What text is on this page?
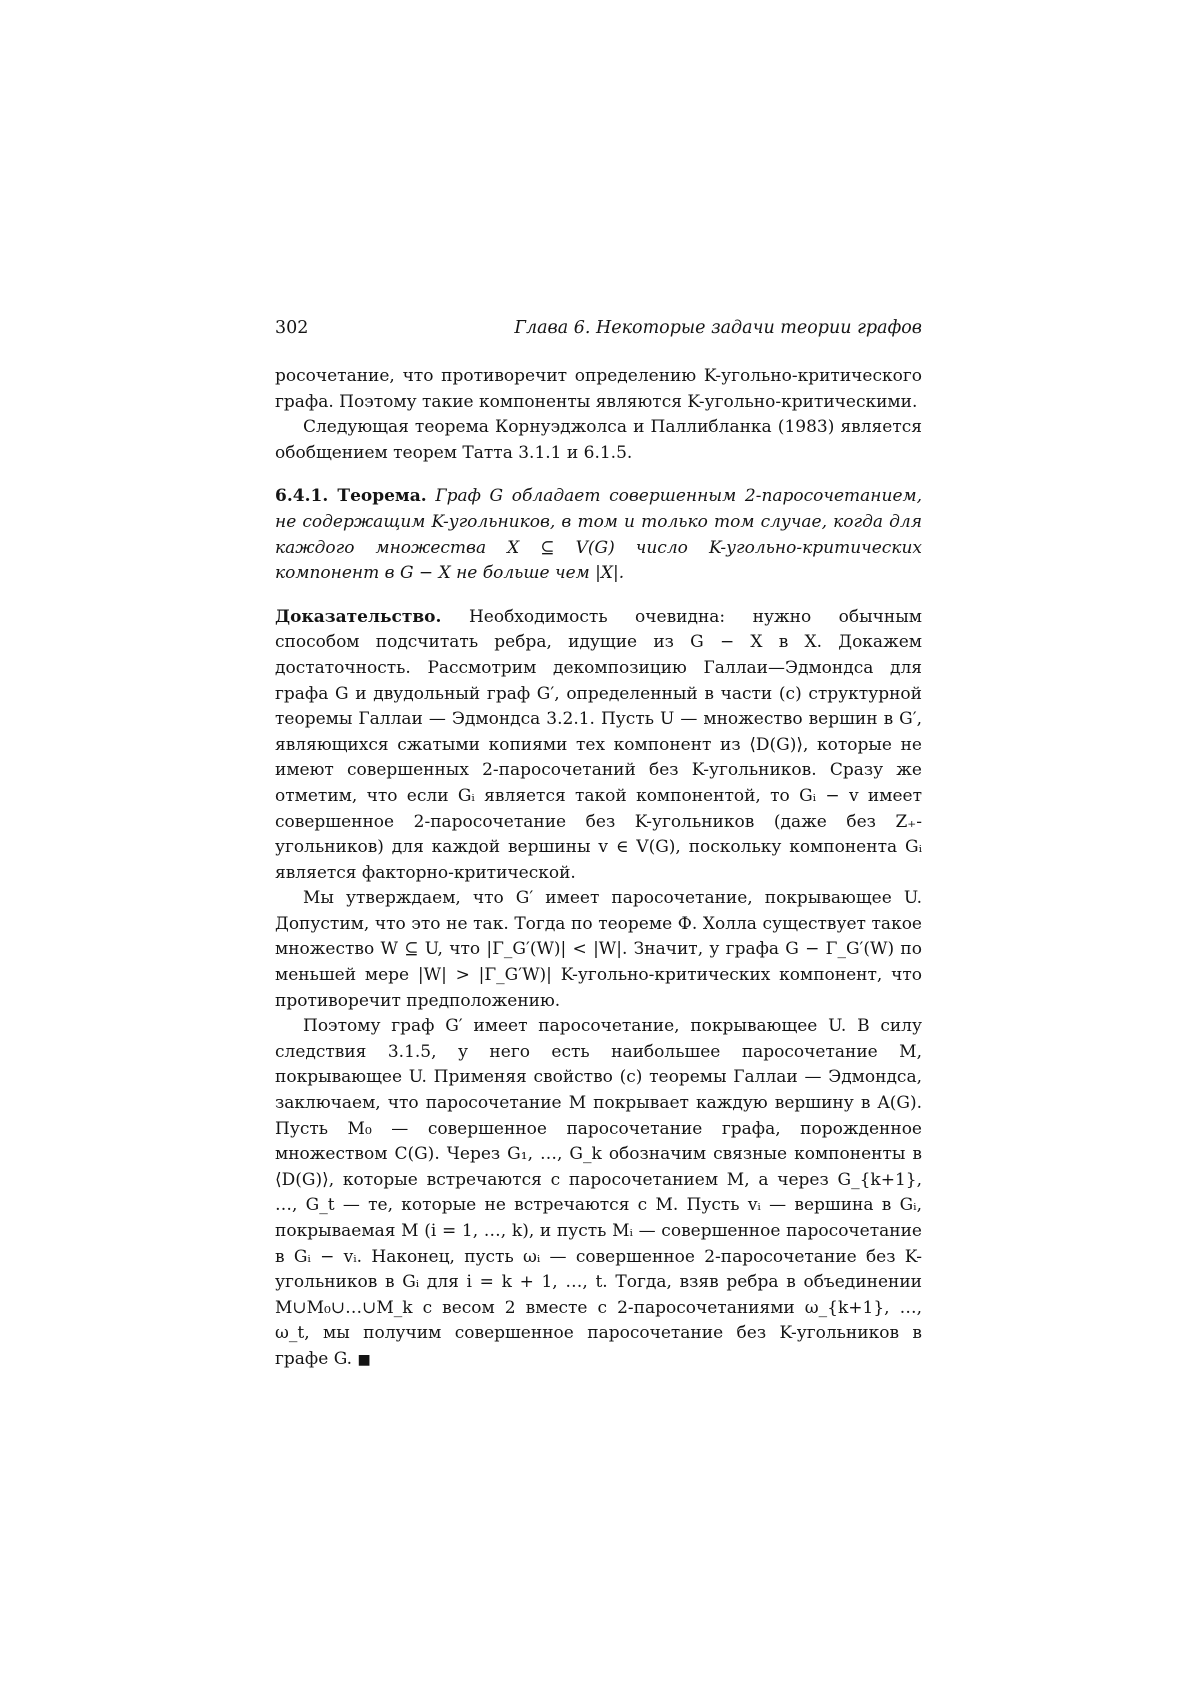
302	Глава 6. Некоторые задачи теории графов

росочетание, что противоречит определению K-угольно-критического графа. Поэтому такие компоненты являются K-угольно-критическими.

Следующая теорема Корнуэджолса и Паллибланка (1983) является обобщением теорем Татта 3.1.1 и 6.1.5.

6.4.1. Теорема. Граф G обладает совершенным 2-паросочетанием, не содержащим K-угольников, в том и только том случае, когда для каждого множества X ⊆ V(G) число K-угольно-критических компонент в G − X не больше чем |X|.

Доказательство. Необходимость очевидна: нужно обычным способом подсчитать ребра, идущие из G − X в X. Докажем достаточность. Рассмотрим декомпозицию Галлаи—Эдмондса для графа G и двудольный граф G′, определенный в части (с) структурной теоремы Галлаи — Эдмондса 3.2.1. Пусть U — множество вершин в G′, являющихся сжатыми копиями тех компонент из ⟨D(G)⟩, которые не имеют совершенных 2-паросочетаний без K-угольников. Сразу же отметим, что если Gᵢ является такой компонентой, то Gᵢ − v имеет совершенное 2-паросочетание без K-угольников (даже без Z₊-угольников) для каждой вершины v ∈ V(G), поскольку компонента Gᵢ является факторно-критической.

Мы утверждаем, что G′ имеет паросочетание, покрывающее U. Допустим, что это не так. Тогда по теореме Ф. Холла существует такое множество W ⊆ U, что |Γ_G′(W)| < |W|. Значит, у графа G − Γ_G′(W) по меньшей мере |W| > |Γ_G′W)| K-угольно-критических компонент, что противоречит предположению.

Поэтому граф G′ имеет паросочетание, покрывающее U. В силу следствия 3.1.5, у него есть наибольшее паросочетание M, покрывающее U. Применяя свойство (с) теоремы Галлаи — Эдмондса, заключаем, что паросочетание M покрывает каждую вершину в A(G). Пусть M₀ — совершенное паросочетание графа, порожденное множеством C(G). Через G₁, …, G_k обозначим связные компоненты в ⟨D(G)⟩, которые встречаются с паросочетанием M, а через G_{k+1}, …, G_t — те, которые не встречаются с M. Пусть vᵢ — вершина в Gᵢ, покрываемая M (i = 1, …, k), и пусть Mᵢ — совершенное паросочетание в Gᵢ − vᵢ. Наконец, пусть ωᵢ — совершенное 2-паросочетание без K-угольников в Gᵢ для i = k + 1, …, t. Тогда, взяв ребра в объединении M∪M₀∪…∪M_k с весом 2 вместе с 2-паросочетаниями ω_{k+1}, …, ω_t, мы получим совершенное паросочетание без K-угольников в графе G. ■
